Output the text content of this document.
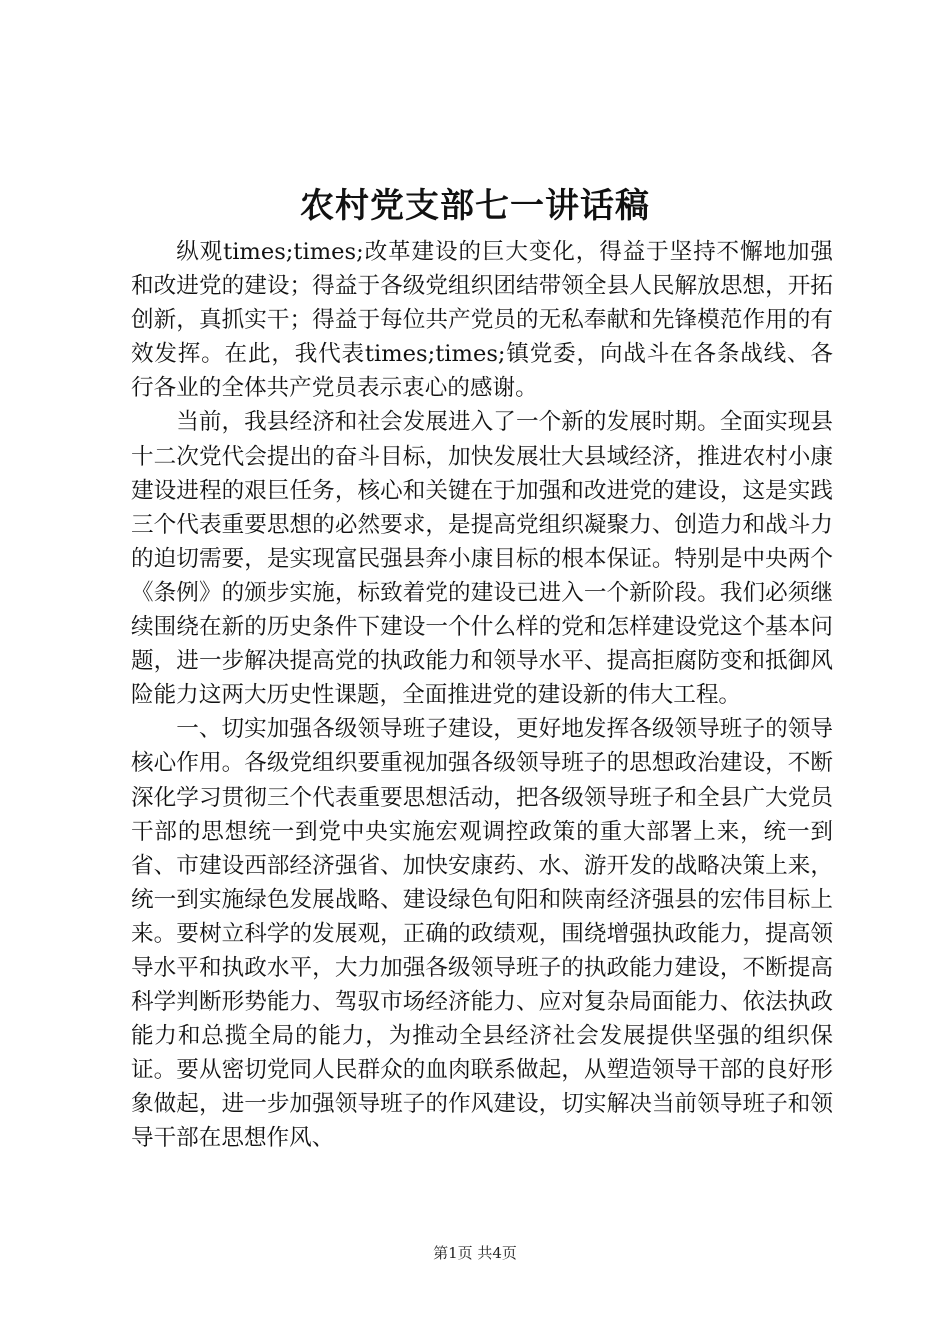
农村党支部七一讲话稿

纵观times;times;改革建设的巨大变化，得益于坚持不懈地加强和改进党的建设；得益于各级党组织团结带领全县人民解放思想，开拓创新，真抓实干；得益于每位共产党员的无私奉献和先锋模范作用的有效发挥。在此，我代表times;times;镇党委，向战斗在各条战线、各行各业的全体共产党员表示衷心的感谢。

当前，我县经济和社会发展进入了一个新的发展时期。全面实现县十二次党代会提出的奋斗目标，加快发展壮大县域经济，推进农村小康建设进程的艰巨任务，核心和关键在于加强和改进党的建设，这是实践三个代表重要思想的必然要求，是提高党组织凝聚力、创造力和战斗力的迫切需要，是实现富民强县奔小康目标的根本保证。特别是中央两个《条例》的颁步实施，标致着党的建设已进入一个新阶段。我们必须继续围绕在新的历史条件下建设一个什么样的党和怎样建设党这个基本问题，进一步解决提高党的执政能力和领导水平、提高拒腐防变和抵御风险能力这两大历史性课题，全面推进党的建设新的伟大工程。

一、切实加强各级领导班子建设，更好地发挥各级领导班子的领导核心作用。各级党组织要重视加强各级领导班子的思想政治建设，不断深化学习贯彻三个代表重要思想活动，把各级领导班子和全县广大党员干部的思想统一到党中央实施宏观调控政策的重大部署上来，统一到省、市建设西部经济强省、加快安康药、水、游开发的战略决策上来，统一到实施绿色发展战略、建设绿色旬阳和陕南经济强县的宏伟目标上来。要树立科学的发展观，正确的政绩观，围绕增强执政能力，提高领导水平和执政水平，大力加强各级领导班子的执政能力建设，不断提高科学判断形势能力、驾驭市场经济能力、应对复杂局面能力、依法执政能力和总揽全局的能力，为推动全县经济社会发展提供坚强的组织保证。要从密切党同人民群众的血肉联系做起，从塑造领导干部的良好形象做起，进一步加强领导班子的作风建设，切实解决当前领导班子和领导干部在思想作风、

第1页 共4页
